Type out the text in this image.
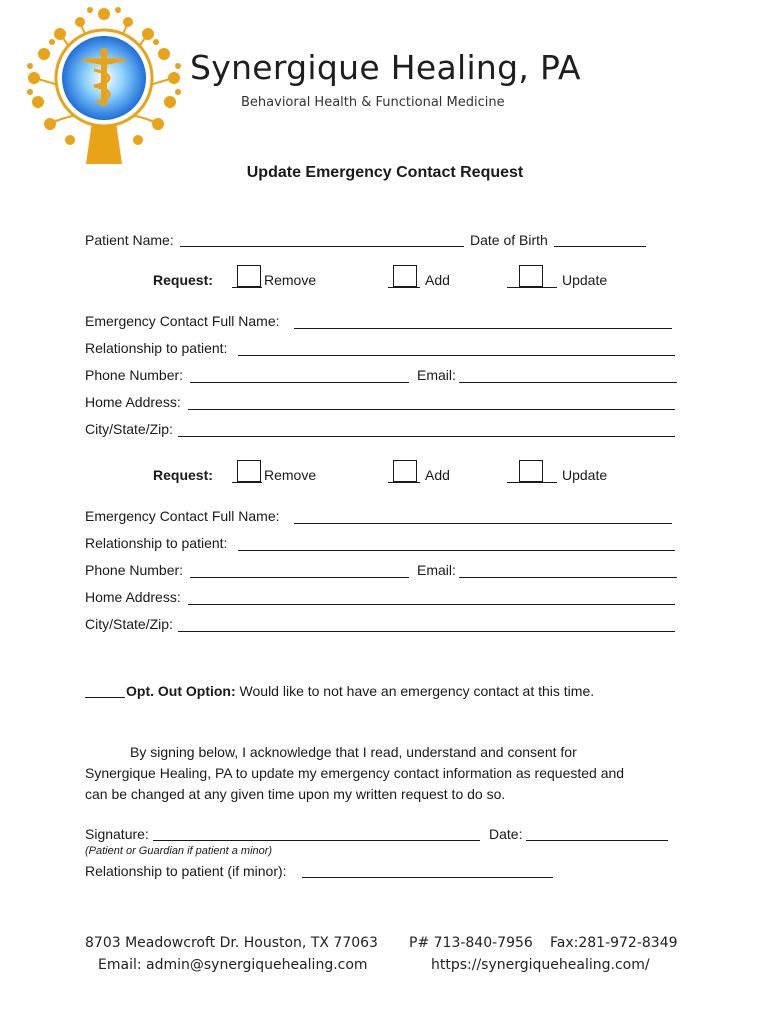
Synergique Healing, PA
Behavioral Health & Functional Medicine
Update Emergency Contact Request
Patient Name:	Date of Birth
Request:	Remove	Add	Update
Emergency Contact Full Name:
Relationship to patient:
Phone Number:	Email:
Home Address:
City/State/Zip:
Request:	Remove	Add	Update
Emergency Contact Full Name:
Relationship to patient:
Phone Number:	Email:
Home Address:
City/State/Zip:
Opt. Out Option: Would like to not have an emergency contact at this time.
By signing below, I acknowledge that I read, understand and consent for
Synergique Healing, PA to update my emergency contact information as requested and
can be changed at any given time upon my written request to do so.
Signature:	Date:
(Patient or Guardian if patient a minor)
Relationship to patient (if minor):
8703 Meadowcroft Dr. Houston, TX 77063 P# 713-840-7956 Fax:281-972-8349
Email: admin@synergiquehealing.com	https://synergiquehealing.com/
